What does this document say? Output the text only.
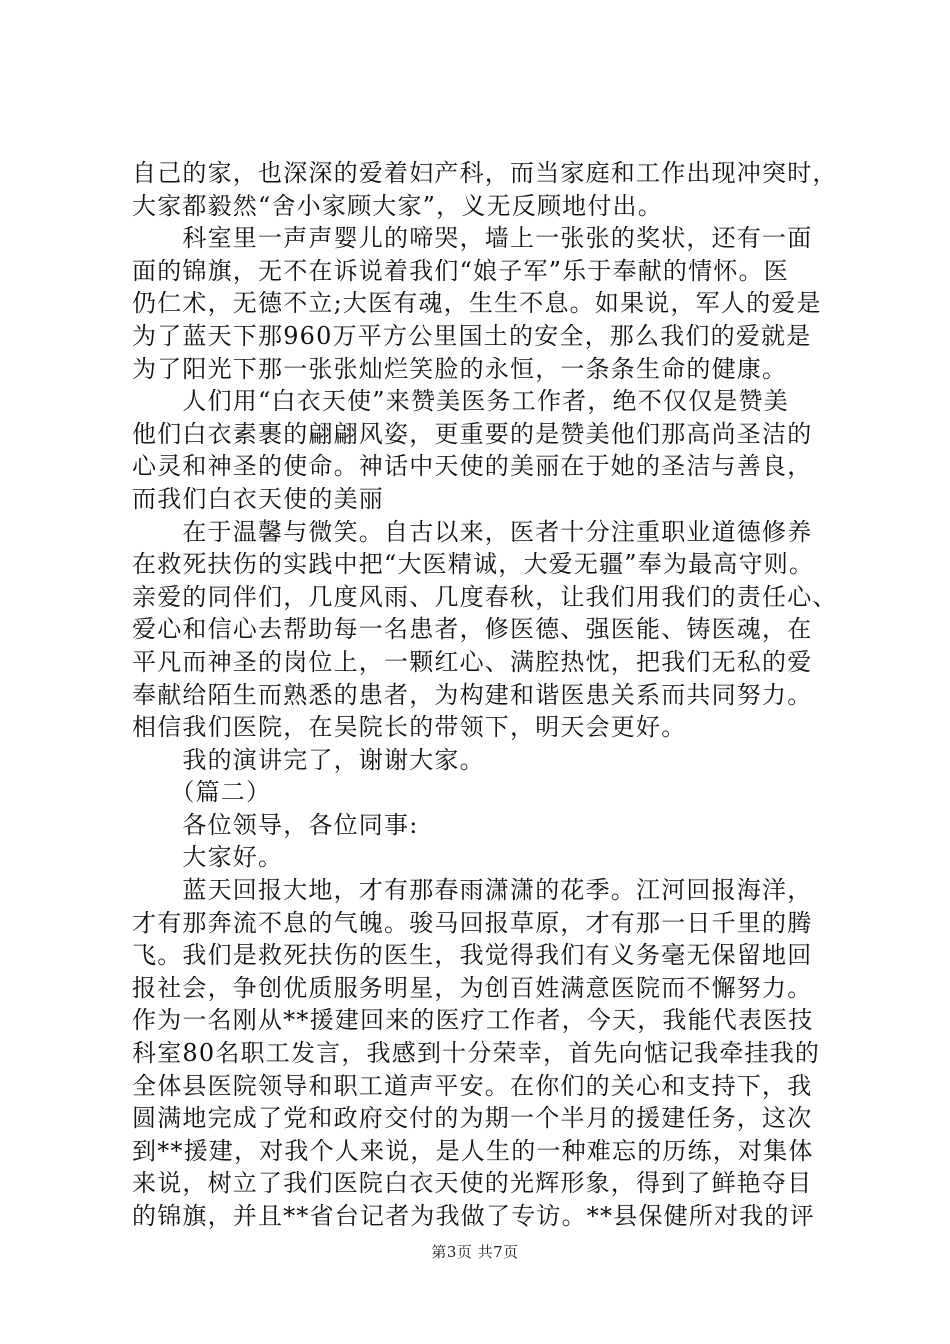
自己的家，也深深的爱着妇产科，而当家庭和工作出现冲突时，
大家都毅然“舍小家顾大家”，义无反顾地付出。
　　科室里一声声婴儿的啼哭，墙上一张张的奖状，还有一面
面的锦旗，无不在诉说着我们“娘子军”乐于奉献的情怀。医
仍仁术，无德不立;大医有魂，生生不息。如果说，军人的爱是
为了蓝天下那960万平方公里国土的安全，那么我们的爱就是
为了阳光下那一张张灿烂笑脸的永恒，一条条生命的健康。
　　人们用“白衣天使”来赞美医务工作者，绝不仅仅是赞美
他们白衣素裹的翩翩风姿，更重要的是赞美他们那高尚圣洁的
心灵和神圣的使命。神话中天使的美丽在于她的圣洁与善良，
而我们白衣天使的美丽
　　在于温馨与微笑。自古以来，医者十分注重职业道德修养
在救死扶伤的实践中把“大医精诚，大爱无疆”奉为最高守则。
亲爱的同伴们，几度风雨、几度春秋，让我们用我们的责任心、
爱心和信心去帮助每一名患者，修医德、强医能、铸医魂，在
平凡而神圣的岗位上，一颗红心、满腔热忱，把我们无私的爱
奉献给陌生而熟悉的患者，为构建和谐医患关系而共同努力。
相信我们医院，在吴院长的带领下，明天会更好。
　　我的演讲完了，谢谢大家。
　　（篇二）
　　各位领导，各位同事:
　　大家好。
　　蓝天回报大地，才有那春雨潇潇的花季。江河回报海洋，
才有那奔流不息的气魄。骏马回报草原，才有那一日千里的腾
飞。我们是救死扶伤的医生，我觉得我们有义务毫无保留地回
报社会，争创优质服务明星，为创百姓满意医院而不懈努力。
作为一名刚从**援建回来的医疗工作者，今天，我能代表医技
科室80名职工发言，我感到十分荣幸，首先向惦记我牵挂我的
全体县医院领导和职工道声平安。在你们的关心和支持下，我
圆满地完成了党和政府交付的为期一个半月的援建任务，这次
到**援建，对我个人来说，是人生的一种难忘的历练，对集体
来说，树立了我们医院白衣天使的光辉形象，得到了鲜艳夺目
的锦旗，并且**省台记者为我做了专访。**县保健所对我的评
第3页 共7页
